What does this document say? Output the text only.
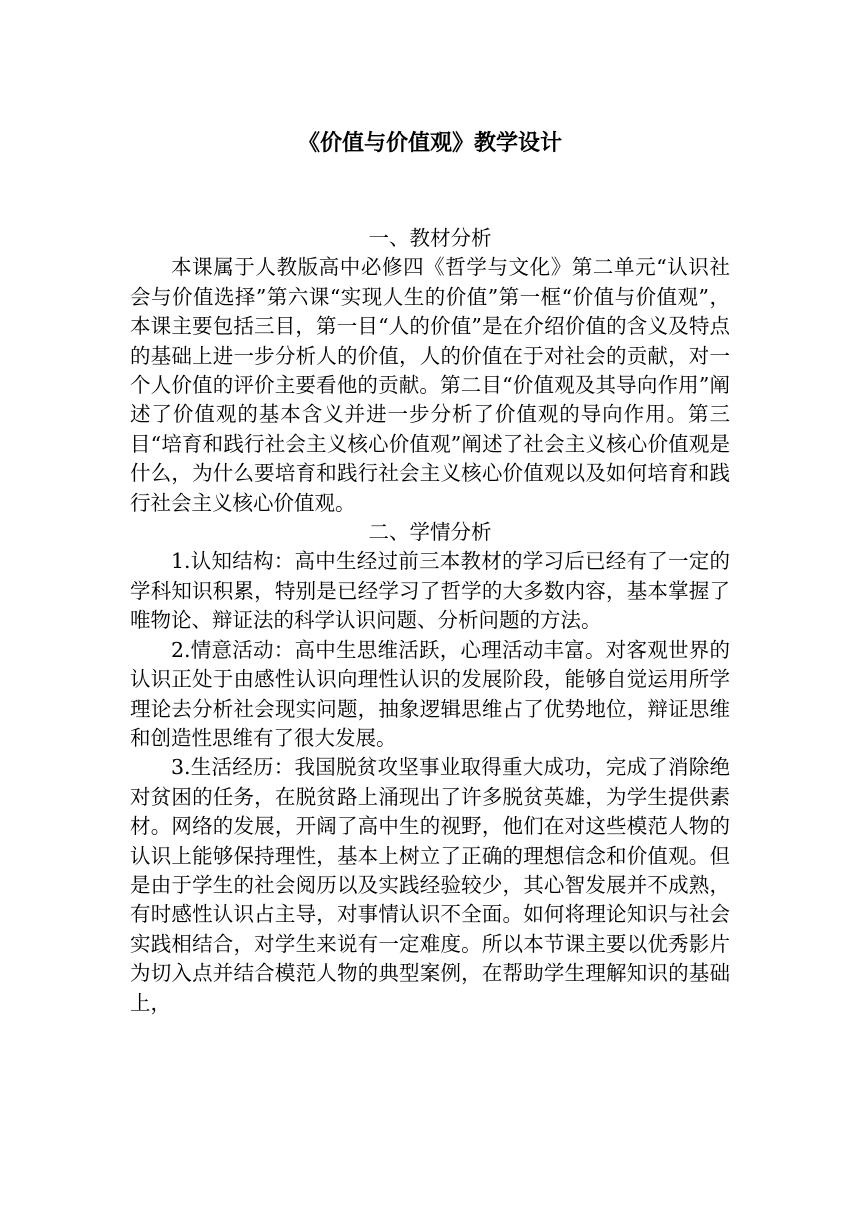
《价值与价值观》教学设计

一、教材分析

本课属于人教版高中必修四《哲学与文化》第二单元“认识社会与价值选择”第六课“实现人生的价值”第一框“价值与价值观”，本课主要包括三目，第一目“人的价值”是在介绍价值的含义及特点的基础上进一步分析人的价值，人的价值在于对社会的贡献，对一个人价值的评价主要看他的贡献。第二目“价值观及其导向作用”阐述了价值观的基本含义并进一步分析了价值观的导向作用。第三目“培育和践行社会主义核心价值观”阐述了社会主义核心价值观是什么，为什么要培育和践行社会主义核心价值观以及如何培育和践行社会主义核心价值观。

二、学情分析

1.认知结构：高中生经过前三本教材的学习后已经有了一定的学科知识积累，特别是已经学习了哲学的大多数内容，基本掌握了唯物论、辩证法的科学认识问题、分析问题的方法。

2.情意活动：高中生思维活跃，心理活动丰富。对客观世界的认识正处于由感性认识向理性认识的发展阶段，能够自觉运用所学理论去分析社会现实问题，抽象逻辑思维占了优势地位，辩证思维和创造性思维有了很大发展。

3.生活经历：我国脱贫攻坚事业取得重大成功，完成了消除绝对贫困的任务，在脱贫路上涌现出了许多脱贫英雄，为学生提供素材。网络的发展，开阔了高中生的视野，他们在对这些模范人物的认识上能够保持理性，基本上树立了正确的理想信念和价值观。但是由于学生的社会阅历以及实践经验较少，其心智发展并不成熟，有时感性认识占主导，对事情认识不全面。如何将理论知识与社会实践相结合，对学生来说有一定难度。所以本节课主要以优秀影片为切入点并结合模范人物的典型案例，在帮助学生理解知识的基础上，
